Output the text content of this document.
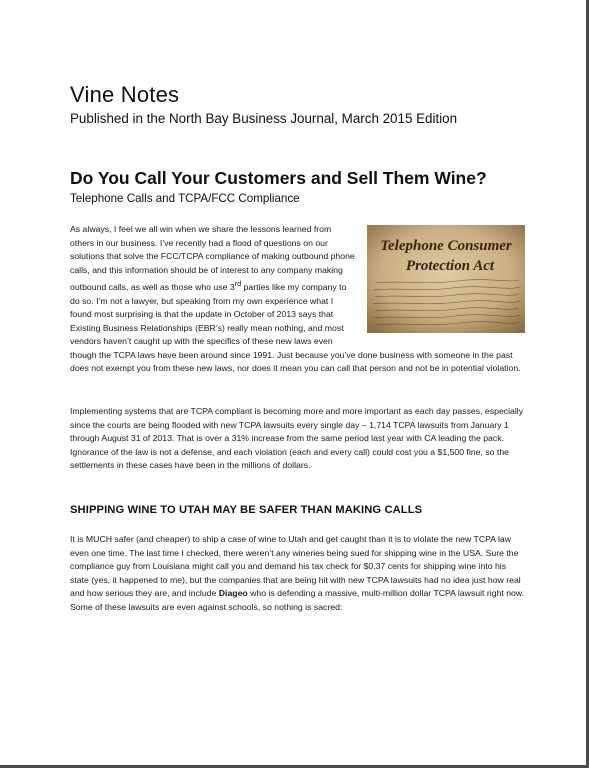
Vine Notes

Published in the North Bay Business Journal, March 2015 Edition

Do You Call Your Customers and Sell Them Wine?

Telephone Calls and TCPA/FCC Compliance

Telephone Consumer
Protection Act

As always, I feel we all win when we share the lessons learned from others in our business. I’ve recently had a flood of questions on our solutions that solve the FCC/TCPA compliance of making outbound phone calls, and this information should be of interest to any company making outbound calls, as well as those who use 3rd parties like my company to do so. I’m not a lawyer, but speaking from my own experience what I found most surprising is that the update in October of 2013 says that Existing Business Relationships (EBR’s) really mean nothing, and most vendors haven’t caught up with the specifics of these new laws even though the TCPA laws have been around since 1991. Just because you’ve done business with someone in the past does not exempt you from these new laws, nor does it mean you can call that person and not be in potential violation.

Implementing systems that are TCPA compliant is becoming more and more important as each day passes, especially since the courts are being flooded with new TCPA lawsuits every single day – 1,714 TCPA lawsuits from January 1 through August 31 of 2013. That is over a 31% increase from the same period last year with CA leading the pack. Ignorance of the law is not a defense, and each violation (each and every call) could cost you a $1,500 fine, so the settlements in these cases have been in the millions of dollars.

SHIPPING WINE TO UTAH MAY BE SAFER THAN MAKING CALLS

It is MUCH safer (and cheaper) to ship a case of wine to Utah and get caught than it is to violate the new TCPA law even one time. The last time I checked, there weren’t any wineries being sued for shipping wine in the USA. Sure the compliance guy from Louisiana might call you and demand his tax check for $0.37 cents for shipping wine into his state (yes, it happened to me), but the companies that are being hit with new TCPA lawsuits had no idea just how real and how serious they are, and include Diageo who is defending a massive, multi-million dollar TCPA lawsuit right now. Some of these lawsuits are even against schools, so nothing is sacred:
